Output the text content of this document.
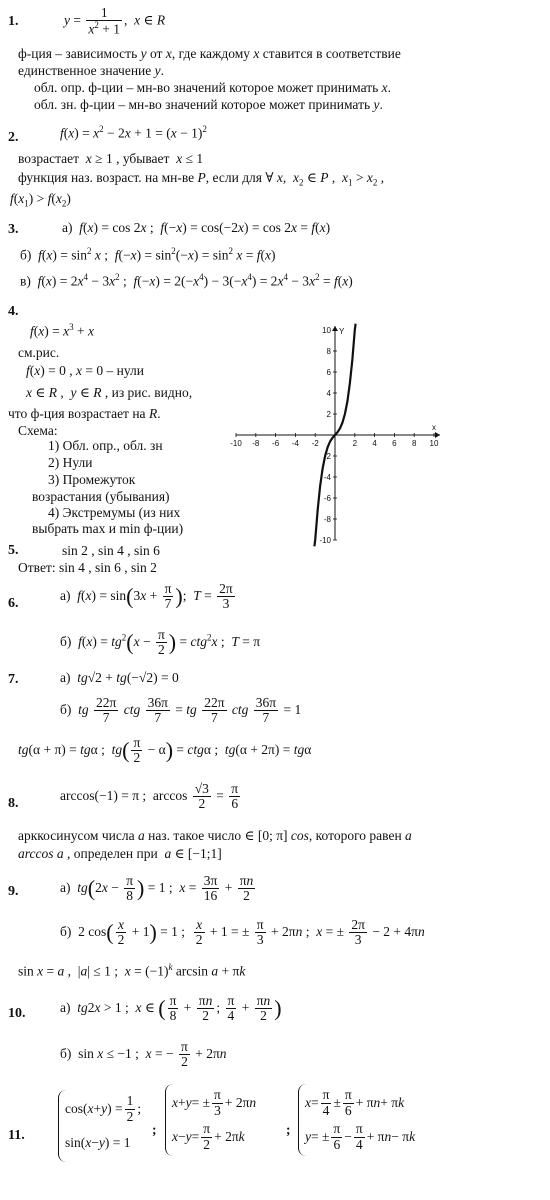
1.	$y = \frac{1}{x^2 + 1}$ ,  x ∈ R
ф-ция – зависимость y от x, где каждому x ставится в соответствие
единственное значение y.
обл. опр. ф-ции – мн-во значений которое может принимать x.
обл. зн. ф-ции – мн-во значений которое может принимать y.
2.	$f(x) = x^2 - 2x + 1 = (x - 1)^2$
возрастает x ≥ 1 , убывает x ≤ 1
функция наз. возраст. на мн-ве P, если для ∀ x,  $x_2$ ∈ P ,  $x_1 > x_2$ ,
$f(x_1) > f(x_2)$
3.	а) f(x) = cos 2x ;  f(−x) = cos(−2x) = cos 2x = f(x)
б) $f(x) = \sin^2 x$ ;  $f(-x) = \sin^2(-x) = \sin^2 x = f(x)$
в) $f(x) = 2x^4 - 3x^2$ ;  $f(-x) = 2(-x^4) - 3(-x^4) = 2x^4 - 3x^2 = f(x)$
4.
$f(x) = x^3 + x$
см.рис.
f(x) = 0 , x = 0 – нули
x ∈ R ,  y ∈ R , из рис. видно,
что ф-ция возрастает на R.
Схема:
1) Обл. опр., обл. зн
2) Нули
3) Промежуток
возрастания (убывания)
4) Экстремумы (из них
выбрать max и min ф-ции)
x
Y
-10 -8 -6 -4 -2	2 4 6 8 10
10
8
6
4
2
-2
-4
-6
-8
-10
5.	sin 2 , sin 4 , sin 6
Ответ: sin 4 , sin 6 , sin 2
6.
а) $f(x) = \sin(3x + \frac{\pi}{7}$ );  $T = \frac{2\pi}{3}$
б) $f(x) = tg^2(x - \frac{\pi}{2}$ ) = ctg$^2$x ;  T = π
7.	а) tg√2 + tg(−√2) = 0
б) tg $\frac{22\pi}{7}$ ctg $\frac{36\pi}{7}$ = tg $\frac{22\pi}{7}$ ctg $\frac{36\pi}{7} = 1$
tg(α + π) = tgα ;  $tg( \frac{\pi}{2} - \alpha) = ctg\alpha$ ;  tg(α + 2π) = tgα
8.
arccos(−1) = π ;  $\arccos \frac{√3}{2} = \frac{\pi}{6}$
арккосинусом числа a наз. такое число ∈ [0; π] cos, которого равен a
arccos a , определен при a ∈ [−1;1]
9.	а) $tg(2x - \frac{\pi}{8}$ ) = 1 ;  $x = \frac{3\pi}{16} + \frac{\pi n}{2}$
б)  2 $\cos( \frac{x}{2} + 1) = 1$ ; $\frac{x}{2} + 1$ = ± $\frac{\pi}{3} + 2\pi n$ ;  x = ± $\frac{2\pi}{3} - 2 + 4\pi n$
sin x = a ,  |a| ≤ 1 ;  $x = (-1)^k$ arcsin a + πk
10.	а) tg2x > 1 ;  x ∈ ( $\frac{\pi}{8} + \frac{\pi n}{2}$ ; $\frac{\pi}{4} + \frac{\pi n}{2}$ )
б)  sin x ≤ −1 ;  x = − $\frac{\pi}{2} + 2\pi n$
11.
cos( x + y ) = $\frac{1}{2}$ ;
sin( x − y ) = 1
;
x + y = ± $\frac{\pi}{3} + 2\pi$ n
$x - y = \frac{\pi}{2} + 2\pi$ k	;
$x = \frac{\pi}{4} \pm \frac{\pi}{6} + \pi$ n + π k
y = ± $\frac{\pi}{6} - \frac{\pi}{4} + \pi$ n − π k
